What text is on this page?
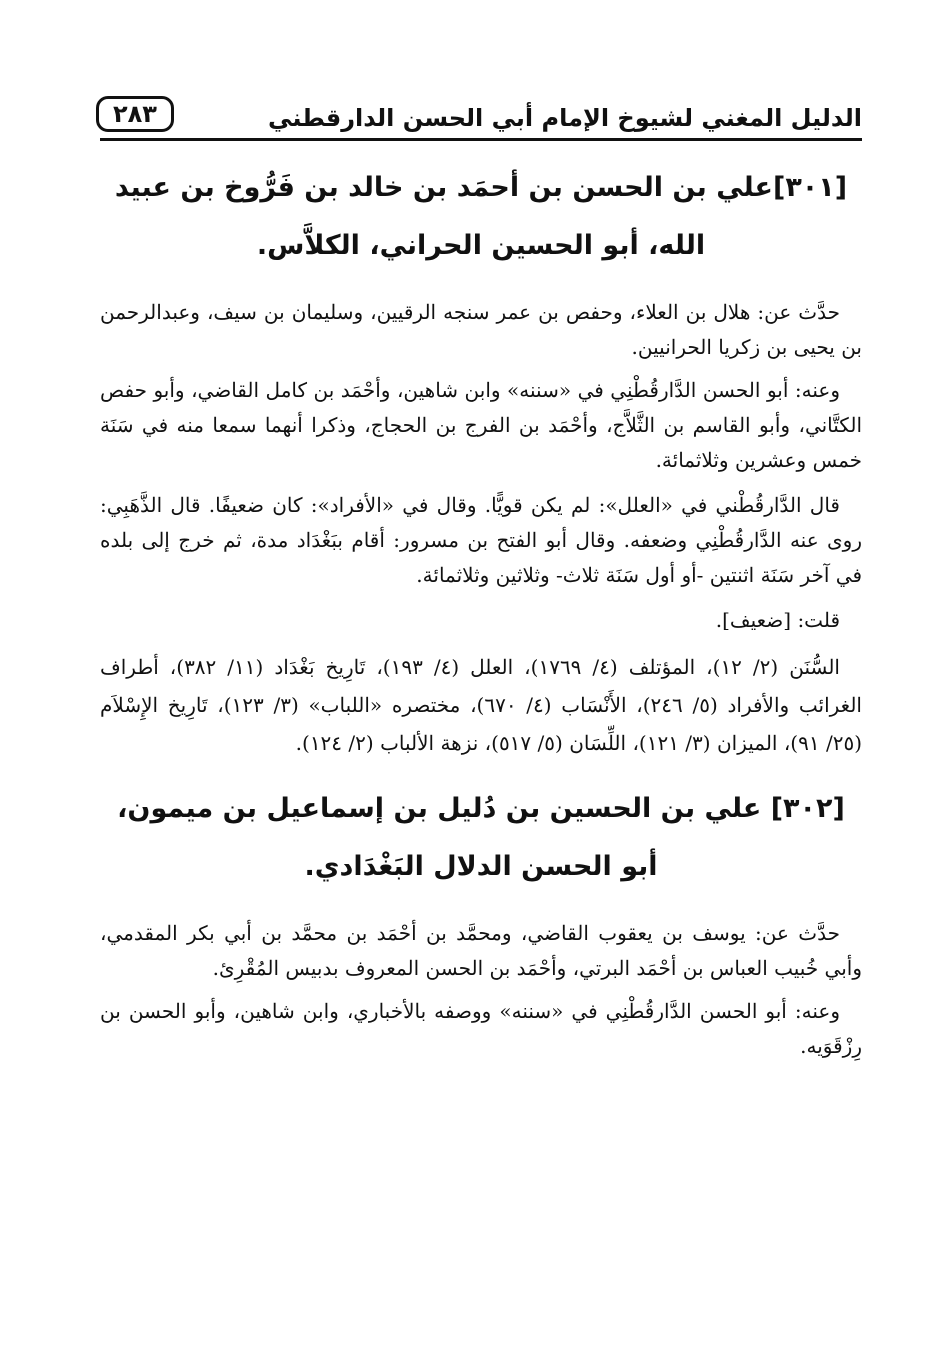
الدليل المغني لشيوخ الإمام أبي الحسن الدارقطني
٢٨٣
[٣٠١]علي بن الحسن بن أحمَد بن خالد بن فَرُّوخ بن عبيد الله، أبو الحسين الحراني، الكلاَّس.

حدَّث عن: هلال بن العلاء، وحفص بن عمر سنجه الرقيين، وسليمان بن سيف، وعبدالرحمن بن يحيى بن زكريا الحرانيين.

وعنه: أبو الحسن الدَّارقُطْنِي في «سننه» وابن شاهين، وأحْمَد بن كامل القاضي، وأبو حفص الكتَّاني، وأبو القاسم بن الثَّلاَّج، وأحْمَد بن الفرج بن الحجاج، وذكرا أنهما سمعا منه في سَنَة خمس وعشرين وثلاثمائة.

قال الدَّارقُطْني في «العلل»: لم يكن قويًّا. وقال في «الأفراد»: كان ضعيفًا. قال الذَّهَبِي: روى عنه الدَّارقُطْنِي وضعفه. وقال أبو الفتح بن مسرور: أقام ببَغْدَاد مدة، ثم خرج إلى بلده في آخر سَنَة اثنتين -أو أول سَنَة ثلاث- وثلاثين وثلاثمائة.

قلت: [ضعيف].

السُّنَن (٢/ ١٢)، المؤتلف (٤/ ١٧٦٩)، العلل (٤/ ١٩٣)، تَارِيخ بَغْدَاد (١١/ ٣٨٢)، أطراف الغرائب والأفراد (٥/ ٢٤٦)، الأَنْسَاب (٤/ ٦٧٠)، مختصره «اللباب» (٣/ ١٢٣)، تَارِيخ الإِسْلاَم (٢٥/ ٩١)، الميزان (٣/ ١٢١)، اللِّسَان (٥/ ٥١٧)، نزهة الألباب (٢/ ١٢٤).

[٣٠٢] علي بن الحسين بن دُليل بن إسماعيل بن ميمون، أبو الحسن الدلال البَغْدَادي.

حدَّث عن: يوسف بن يعقوب القاضي، ومحمَّد بن أحْمَد بن محمَّد بن أبي بكر المقدمي، وأبي خُبيب العباس بن أحْمَد البرتي، وأحْمَد بن الحسن المعروف بدبيس المُقْرِئ.

وعنه: أبو الحسن الدَّارقُطْنِي في «سننه» ووصفه بالأخباري، وابن شاهين، وأبو الحسن بن رِزْقَوَيه.
